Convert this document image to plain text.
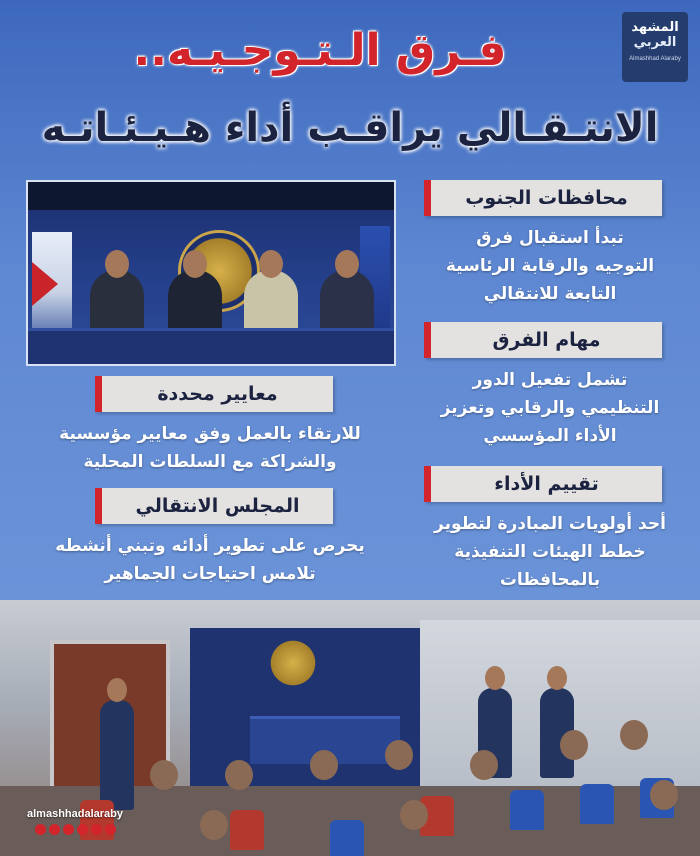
المشهد
العربي
Almashhad Alaraby
فـرق الـتـوجـيـه..
الانتـقـالي يراقـب أداء هـيـئـاتـه
محافظات الجنوب
تبدأ استقبال فرق
التوجيه والرقابة الرئاسية
التابعة للانتقالي
مهام الفرق
تشمل تفعيل الدور
التنظيمي والرقابي وتعزيز
الأداء المؤسسي
تقييم الأداء
أحد أولويات المبادرة لتطوير
خطط الهيئات التنفيذية
بالمحافظات
معايير محددة
للارتقاء بالعمل وفق معايير مؤسسية
والشراكة مع السلطات المحلية
المجلس الانتقالي
يحرص على تطوير أدائه وتبني أنشطه
تلامس احتياجات الجماهير
almashhadalaraby
